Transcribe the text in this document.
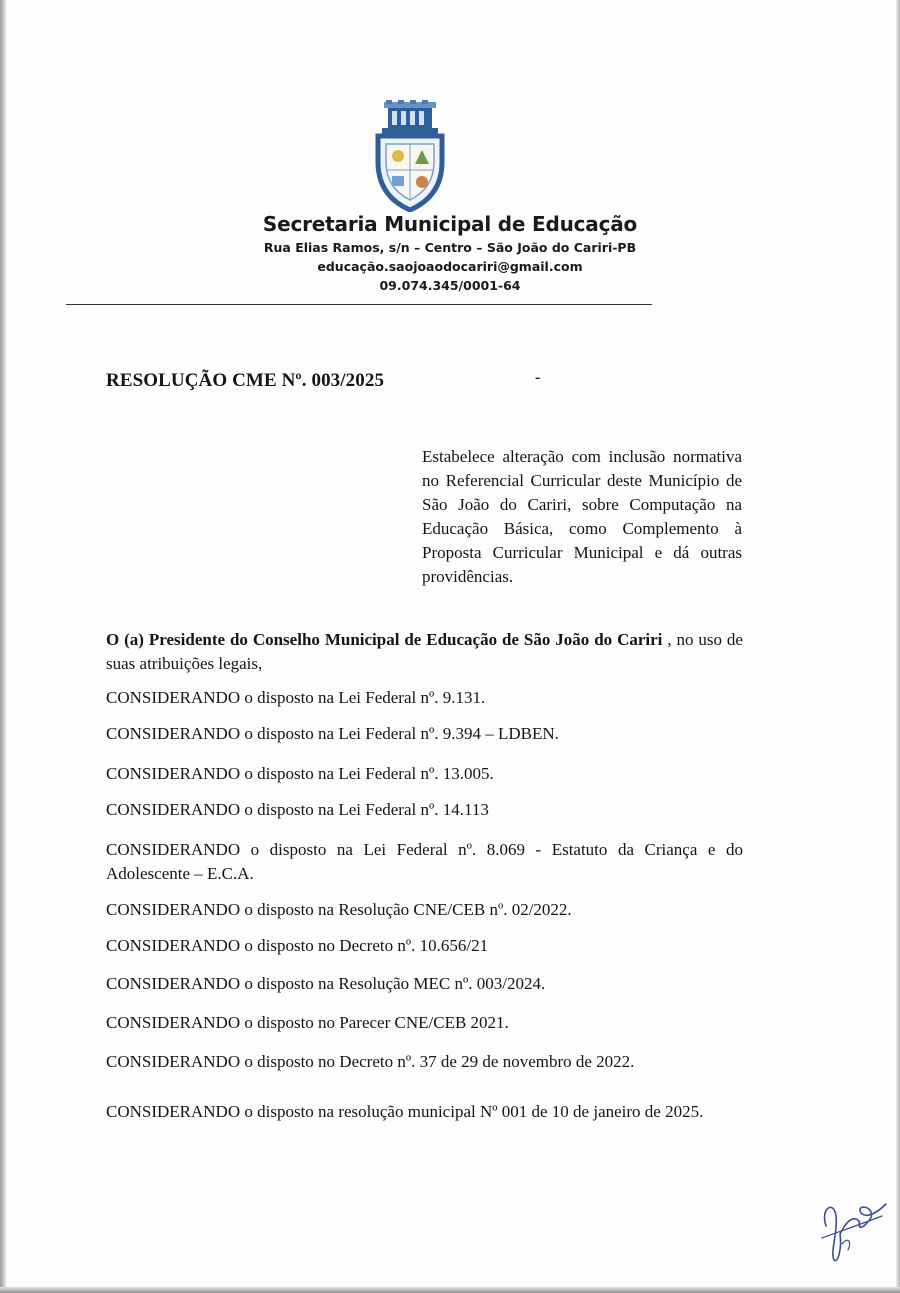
Secretaria Municipal de Educação
Rua Elias Ramos, s/n – Centro – São João do Cariri-PB
educação.saojoaodocariri@gmail.com
09.074.345/0001-64
RESOLUÇÃO CME Nº. 003/2025	-
Estabelece alteração com inclusão normativa no Referencial Curricular deste Município de São João do Cariri, sobre Computação na Educação Básica, como Complemento à Proposta Curricular Municipal e dá outras providências.
O (a) Presidente do Conselho Municipal de Educação de São João do Cariri , no uso de suas atribuições legais,
CONSIDERANDO o disposto na Lei Federal nº. 9.131.
CONSIDERANDO o disposto na Lei Federal nº. 9.394 – LDBEN.
CONSIDERANDO o disposto na Lei Federal nº. 13.005.
CONSIDERANDO o disposto na Lei Federal nº. 14.113
CONSIDERANDO o disposto na Lei Federal nº. 8.069 - Estatuto da Criança e do Adolescente – E.C.A.
CONSIDERANDO o disposto na Resolução CNE/CEB nº. 02/2022.
CONSIDERANDO o disposto no Decreto nº. 10.656/21
CONSIDERANDO o disposto na Resolução MEC nº. 003/2024.
CONSIDERANDO o disposto no Parecer CNE/CEB 2021.
CONSIDERANDO o disposto no Decreto nº. 37 de 29 de novembro de 2022.
CONSIDERANDO o disposto na resolução municipal Nº 001 de 10 de janeiro de 2025.
